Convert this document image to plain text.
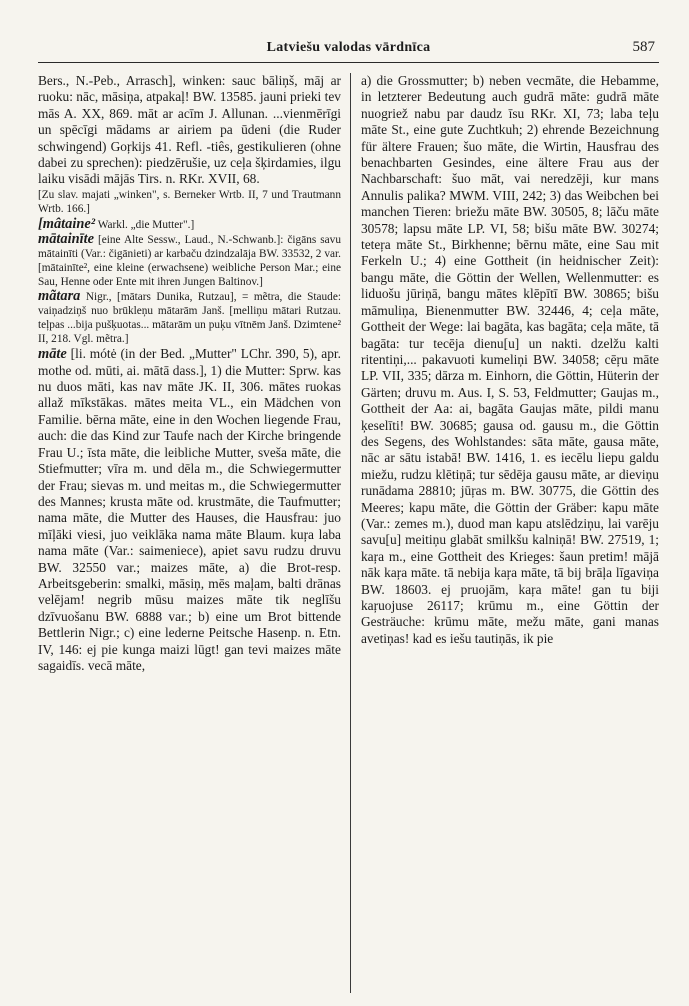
Latviešu valodas vārdnīca	587

Bers., N.-Peb., Arrasch], winken: sauc bāliņš, māj ar ruoku: nāc, māsiņa, atpakaļ! BW. 13585. jauni prieki tev mās A. XX, 869. māt ar acīm J. Allunan. ...vienmērīgi un spēcīgi mādams ar airiem pa ūdeni (die Ruder schwingend) Goŗkijs 41. Refl. -tiês, gestikulieren (ohne dabei zu sprechen): piedzērušie, uz ceļa šķirdamies, ilgu laiku visādi mājās Tirs. n. RKr. XVII, 68.

[Zu slav. majati „winken", s. Berneker Wrtb. II, 7 und Trautmann Wrtb. 166.]

[mâtaine² Warkl. „die Mutter".]

mātainīte [eine Alte Sessw., Laud., N.-Schwanb.]: čigāns savu mātainīti (Var.: čigānieti) ar karbaču dzindzalāja BW. 33532, 2 var. [mātainīte², eine kleine (erwachsene) weibliche Person Mar.; eine Sau, Henne oder Ente mit ihren Jungen Baltinov.]

mãtara Nigr., [mātars Dunika, Rutzau], = mẽtra, die Staude: vaiņadziņš nuo brūkleņu mātarām Janš. [melliņu mātari Rutzau. teļpas ...bija pušķuotas... mātarām un puķu vītnēm Janš. Dzimtene² II, 218. Vgl. mẽtra.]

māte [li. mótė (in der Bed. „Mutter" LChr. 390, 5), apr. mothe od. mūti, ai. mātā dass.], 1) die Mutter: Sprw. kas nu duos māti, kas nav māte JK. II, 306. mātes ruokas allaž mīkstākas. mātes meita VL., ein Mädchen von Familie. bērna māte, eine in den Wochen liegende Frau, auch: die das Kind zur Taufe nach der Kirche bringende Frau U.; īsta māte, die leibliche Mutter, sveša māte, die Stiefmutter; vīra m. und dēla m., die Schwiegermutter der Frau; sievas m. und meitas m., die Schwiegermutter des Mannes; krusta māte od. krustmāte, die Taufmutter; nama māte, die Mutter des Hauses, die Hausfrau: juo mīļāki viesi, juo veiklāka nama māte Blaum. kuŗa laba nama māte (Var.: saimeniece), apiet savu rudzu druvu BW. 32550 var.; maizes māte, a) die Brot-resp. Arbeitsgeberin: smalki, māsiņ, mēs maļam, balti drānas velējam! negrib mūsu maizes māte tik neglīšu dzīvuošanu BW. 6888 var.; b) eine um Brot bittende Bettlerin Nigr.; c) eine lederne Peitsche Hasenp. n. Etn. IV, 146: ej pie kunga maizi lūgt! gan tevi maizes māte sagaidīs. vecā māte,

a) die Grossmutter; b) neben vecmāte, die Hebamme, in letzterer Bedeutung auch gudrā māte: gudrā māte nuogriež nabu par daudz īsu RKr. XI, 73; laba teļu māte St., eine gute Zuchtkuh; 2) ehrende Bezeichnung für ältere Frauen; šuo māte, die Wirtin, Hausfrau des benachbarten Gesindes, eine ältere Frau aus der Nachbarschaft: šuo māt, vai neredzēji, kur mans Annulis palika? MWM. VIII, 242; 3) das Weibchen bei manchen Tieren: briežu māte BW. 30505, 8; lāču māte 30578; lapsu māte LP. VI, 58; bišu māte BW. 30274; teteŗa māte St., Birkhenne; bērnu māte, eine Sau mit Ferkeln U.; 4) eine Gottheit (in heidnischer Zeit): bangu māte, die Göttin der Wellen, Wellenmutter: es liduošu jūriņā, bangu mātes klēpītī BW. 30865; bišu māmuliņa, Bienenmutter BW. 32446, 4; ceļa māte, Gottheit der Wege: lai bagāta, kas bagāta; ceļa māte, tā bagāta: tur tecēja dienu[u] un nakti. dzelžu kalti ritentiņi,... pakavuoti kumeliņi BW. 34058; cēŗu māte LP. VII, 335; dārza m. Einhorn, die Göttin, Hüterin der Gärten; druvu m. Aus. I, S. 53, Feldmutter; Gaujas m., Gottheit der Aa: ai, bagāta Gaujas māte, pildi manu ķeselīti! BW. 30685; gausa od. gausu m., die Göttin des Segens, des Wohlstandes: sāta māte, gausa māte, nāc ar sātu istabā! BW. 1416, 1. es iecēlu liepu galdu miežu, rudzu klētiņā; tur sēdēja gausu māte, ar dieviņu runādama 28810; jūŗas m. BW. 30775, die Göttin des Meeres; kapu māte, die Göttin der Gräber: kapu māte (Var.: zemes m.), duod man kapu atslēdziņu, lai varēju savu[u] meitiņu glabāt smilkšu kalniņā! BW. 27519, 1; kaŗa m., eine Gottheit des Krieges: šaun pretim! mājā nāk kaŗa māte. tā nebija kaŗa māte, tā bij brāļa līgaviņa BW. 18603. ej pruojām, kaŗa māte! gan tu biji kaŗuojuse 26117; krūmu m., eine Göttin der Gesträuche: krūmu māte, mežu māte, gani manas avetiņas! kad es iešu tautiņās, ik pie
